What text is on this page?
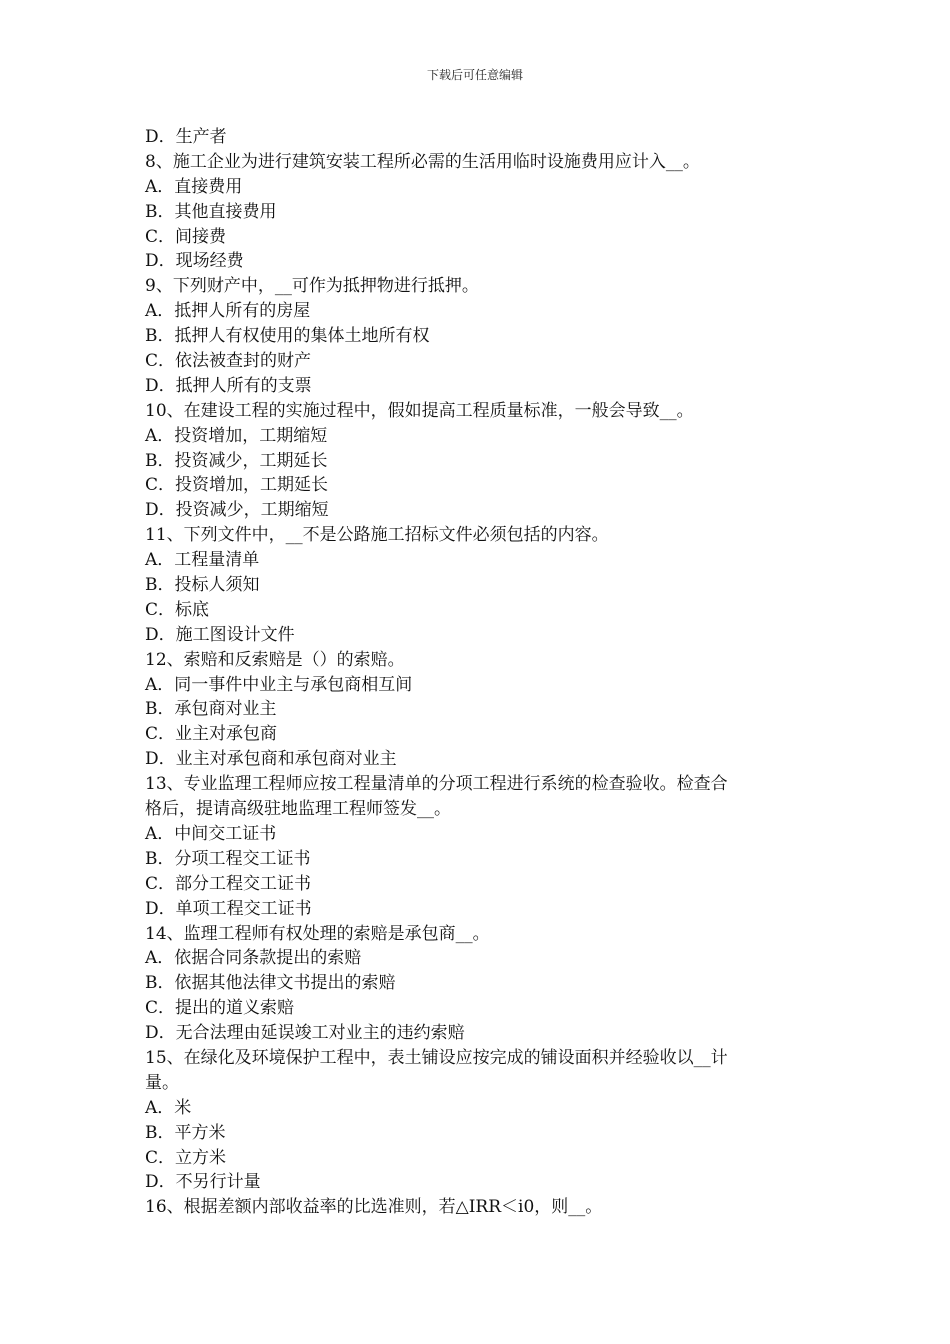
下载后可任意编辑
D．生产者
8、施工企业为进行建筑安装工程所必需的生活用临时设施费用应计入__。
A．直接费用
B．其他直接费用
C．间接费
D．现场经费
9、下列财产中，__可作为抵押物进行抵押。
A．抵押人所有的房屋
B．抵押人有权使用的集体土地所有权
C．依法被查封的财产
D．抵押人所有的支票
10、在建设工程的实施过程中，假如提高工程质量标准，一般会导致__。
A．投资增加，工期缩短
B．投资减少，工期延长
C．投资增加，工期延长
D．投资减少，工期缩短
11、下列文件中，__不是公路施工招标文件必须包括的内容。
A．工程量清单
B．投标人须知
C．标底
D．施工图设计文件
12、索赔和反索赔是（）的索赔。
A．同一事件中业主与承包商相互间
B．承包商对业主
C．业主对承包商
D．业主对承包商和承包商对业主
13、专业监理工程师应按工程量清单的分项工程进行系统的检查验收。检查合
格后，提请高级驻地监理工程师签发__。
A．中间交工证书
B．分项工程交工证书
C．部分工程交工证书
D．单项工程交工证书
14、监理工程师有权处理的索赔是承包商__。
A．依据合同条款提出的索赔
B．依据其他法律文书提出的索赔
C．提出的道义索赔
D．无合法理由延误竣工对业主的违约索赔
15、在绿化及环境保护工程中，表土铺设应按完成的铺设面积并经验收以__计
量。
A．米
B．平方米
C．立方米
D．不另行计量
16、根据差额内部收益率的比选准则，若△IRR＜i0，则__。
